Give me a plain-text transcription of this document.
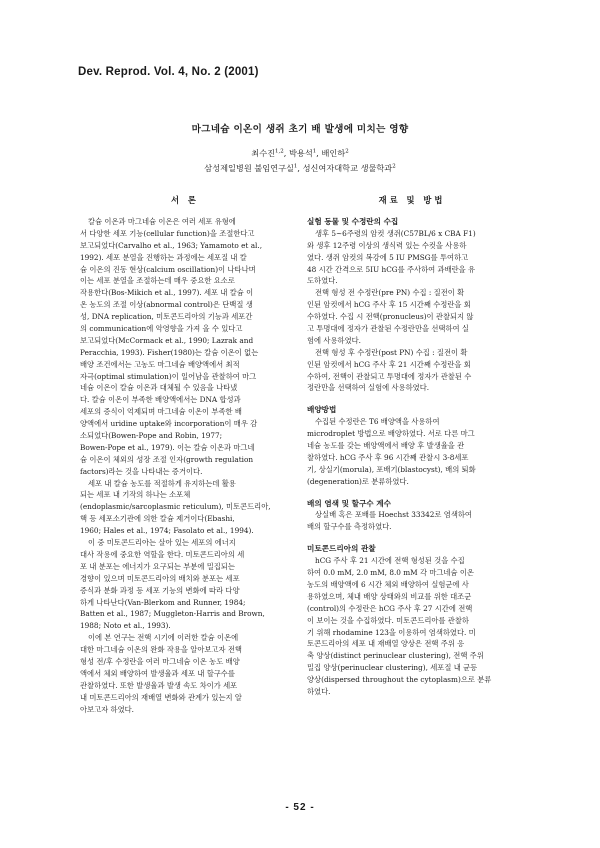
Dev. Reprod. Vol. 4, No. 2 (2001)
마그네슘 이온이 생쥐 초기 배 발생에 미치는 영향
최수진$^{1,2}$, 박용석$^1$, 배인하$^2$
삼성제일병원 불임연구실$^1$, 성신여자대학교 생물학과$^2$
서 론
칼슘 이온과 마그네슘 이온은 여러 세포 유형에
서 다양한 세포 기능(cellular function)을 조절한다고
보고되었다(Carvalho et al., 1963; Yamamoto et al.,
1992). 세포 분열을 진행하는 과정에는 세포질 내 칼
슘 이온의 진동 현상(calcium oscillation)이 나타나며
이는 세포 분열을 조절하는데 매우 중요한 요소로
작용한다(Bos-Mikich et al., 1997). 세포 내 칼슘 이
온 농도의 조절 이상(abnormal control)은 단백질 생
성, DNA replication, 미토콘드리아의 기능과 세포간
의 communication에 악영향을 가져 올 수 있다고
보고되었다(McCormack et al., 1990; Lazrak and
Peracchia, 1993). Fisher(1980)는 칼슘 이온이 없는
배양 조건에서는 고농도 마그네슘 배양액에서 최적
자극(optimal stimulation)이 일어남을 관찰하여 마그
네슘 이온이 칼슘 이온과 대체될 수 있음을 나타냈
다. 칼슘 이온이 부족한 배양액에서는 DNA 합성과
세포의 증식이 억제되며 마그네슘 이온이 부족한 배
양액에서 uridine uptake와 incorporation이 매우 감
소되었다(Bowen-Pope and Robin, 1977;
Bowen-Pope et al., 1979). 이는 칼슘 이온과 마그네
슘 이온이 체외의 성장 조절 인자(growth regulation
factors)라는 것을 나타내는 증거이다.
세포 내 칼슘 농도를 적절하게 유지하는데 활용
되는 세포 내 기작의 하나는 소포체
(endoplasmic/sarcoplasmic reticulum), 미토콘드리아,
핵 등 세포소기관에 의한 칼슘 제거이다(Ebashi,
1960; Hales et al., 1974; Fasolato et al., 1994).
이 중 미토콘드리아는 살아 있는 세포의 에너지
대사 작용에 중요한 역할을 한다. 미토콘드리아의 세
포 내 분포는 에너지가 요구되는 부분에 밀집되는
경향이 있으며 미토콘드리아의 배치와 분포는 세포
증식과 분화 과정 등 세포 기능의 변화에 따라 다양
하게 나타난다(Van-Blerkom and Runner, 1984;
Batten et al., 1987; Muggleton-Harris and Brown,
1988; Noto et al., 1993).
이에 본 연구는 전핵 시기에 이러한 칼슘 이온에
대한 마그네슘 이온의 완화 작용을 알아보고자 전핵
형성 전/후 수정란을 여러 마그네슘 이온 농도 배양
액에서 체외 배양하여 발생율과 세포 내 할구수를
관찰하였다. 또한 발생율과 발생 속도 차이가 세포
내 미토콘드리아의 재배열 변화와 관계가 있는지 알
아보고자 하였다.
재료 및 방법
실험 동물 및 수정란의 수집
생후 5~6주령의 암컷 생쥐(C57BL/6 x CBA F1)
와 생후 12주령 이상의 생식력 있는 수컷을 사용하
였다. 생쥐 암컷의 복강에 5 IU PMSG를 투여하고
48 시간 간격으로 5IU hCG를 주사하여 과배란을 유
도하였다.
전핵 형성 전 수정란(pre PN) 수집 : 질전이 확
인된 암컷에서 hCG 주사 후 15 시간째 수정란을 회
수하였다. 수집 시 전핵(pronucleus)이 관찰되지 않
고 투명대에 정자가 관찰된 수정란만을 선택하여 실
험에 사용하였다.
전핵 형성 후 수정란(post PN) 수집 : 질전이 확
인된 암컷에서 hCG 주사 후 21 시간째 수정란을 회
수하여, 전핵이 관찰되고 투명대에 정자가 관찰된 수
정란만을 선택하여 실험에 사용하였다.
배양방법
수집된 수정란은 T6 배양액을 사용하여
microdroplet 방법으로 배양하였다. 서로 다른 마그
네슘 농도를 갖는 배양액에서 배양 후 발생율을 관
찰하였다. hCG 주사 후 96 시간째 관찰시 3-8세포
기, 상실기(morula), 포배기(blastocyst), 배의 퇴화
(degeneration)로 분류하였다.
배의 염색 및 할구수 계수
상실배 혹은 포배를 Hoechst 33342로 염색하여
배의 할구수를 측정하였다.
미토콘드리아의 관찰
hCG 주사 후 21 시간에 전핵 형성된 것을 수집
하여 0.0 mM, 2.0 mM, 8.0 mM 각 마그네슘 이온
농도의 배양액에 6 시간 체외 배양하여 실험군에 사
용하였으며, 체내 배양 상태와의 비교를 위한 대조군
(control)의 수정란은 hCG 주사 후 27 시간에 전핵
이 보이는 것을 수집하였다. 미토콘드리아를 관찰하
기 위해 rhodamine 123을 이용하여 염색하였다. 미
토콘드리아의 세포 내 재배열 양상은 전핵 주위 응
축 양상(distinct perinuclear clustering), 전핵 주위
밀집 양상(perinuclear clustering), 세포질 내 균등
양상(dispersed throughout the cytoplasm)으로 분류
하였다.
- 52 -
